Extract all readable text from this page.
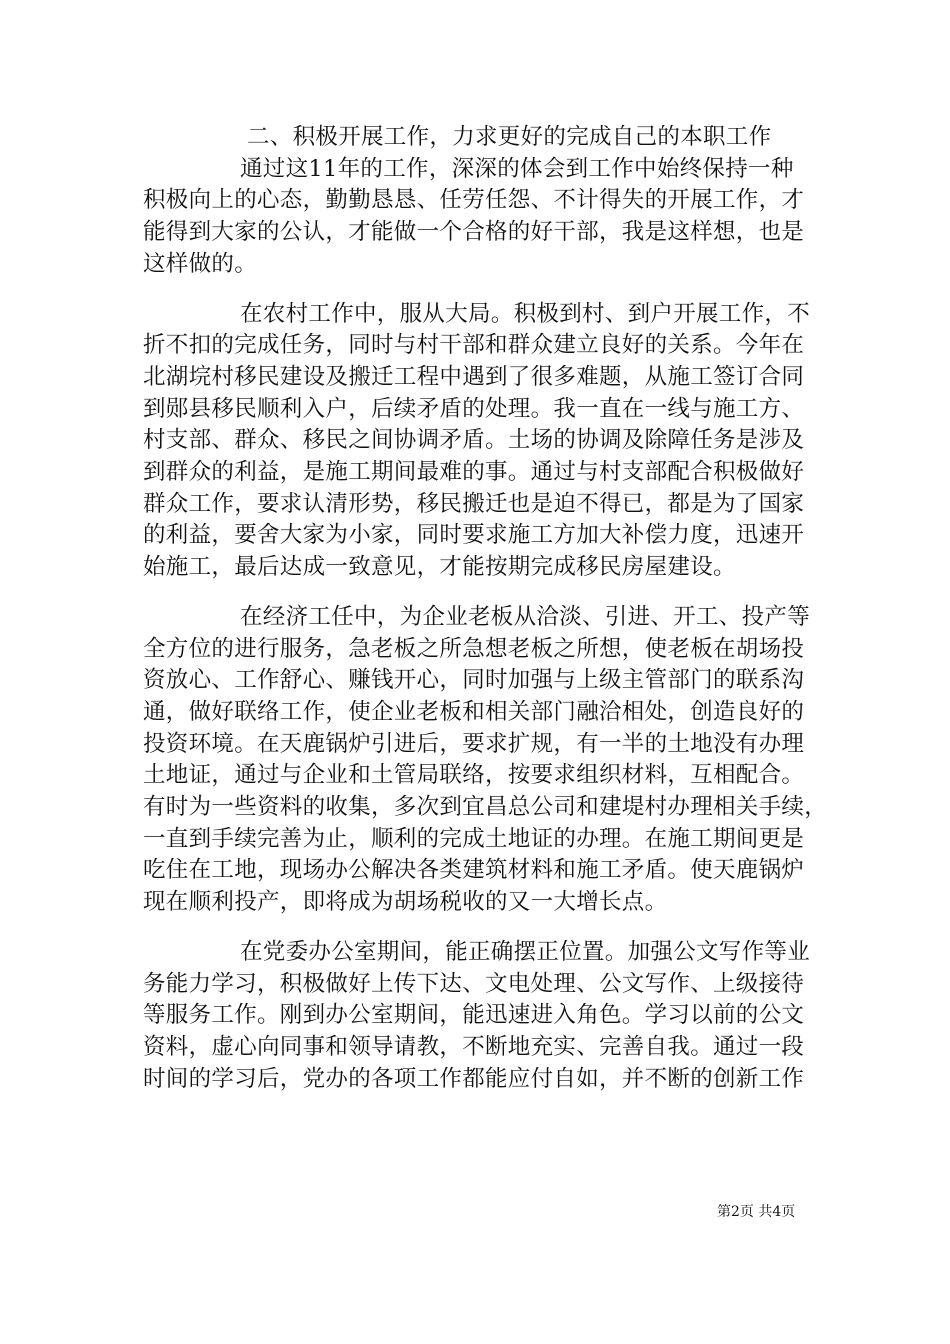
二、积极开展工作，力求更好的完成自己的本职工作
通过这11年的工作，深深的体会到工作中始终保持一种
积极向上的心态，勤勤恳恳、任劳任怨、不计得失的开展工作，才
能得到大家的公认，才能做一个合格的好干部，我是这样想，也是
这样做的。
在农村工作中，服从大局。积极到村、到户开展工作，不
折不扣的完成任务，同时与村干部和群众建立良好的关系。今年在
北湖垸村移民建设及搬迁工程中遇到了很多难题，从施工签订合同
到郧县移民顺利入户，后续矛盾的处理。我一直在一线与施工方、
村支部、群众、移民之间协调矛盾。土场的协调及除障任务是涉及
到群众的利益，是施工期间最难的事。通过与村支部配合积极做好
群众工作，要求认清形势，移民搬迁也是迫不得已，都是为了国家
的利益，要舍大家为小家，同时要求施工方加大补偿力度，迅速开
始施工，最后达成一致意见，才能按期完成移民房屋建设。
在经济工任中，为企业老板从洽淡、引进、开工、投产等
全方位的进行服务，急老板之所急想老板之所想，使老板在胡场投
资放心、工作舒心、赚钱开心，同时加强与上级主管部门的联系沟
通，做好联络工作，使企业老板和相关部门融洽相处，创造良好的
投资环境。在天鹿锅炉引进后，要求扩规，有一半的土地没有办理
土地证，通过与企业和土管局联络，按要求组织材料，互相配合。
有时为一些资料的收集，多次到宜昌总公司和建堤村办理相关手续，
一直到手续完善为止，顺利的完成土地证的办理。在施工期间更是
吃住在工地，现场办公解决各类建筑材料和施工矛盾。使天鹿锅炉
现在顺利投产，即将成为胡场税收的又一大增长点。
在党委办公室期间，能正确摆正位置。加强公文写作等业
务能力学习，积极做好上传下达、文电处理、公文写作、上级接待
等服务工作。刚到办公室期间，能迅速进入角色。学习以前的公文
资料，虚心向同事和领导请教，不断地充实、完善自我。通过一段
时间的学习后，党办的各项工作都能应付自如，并不断的创新工作
第2页 共4页
